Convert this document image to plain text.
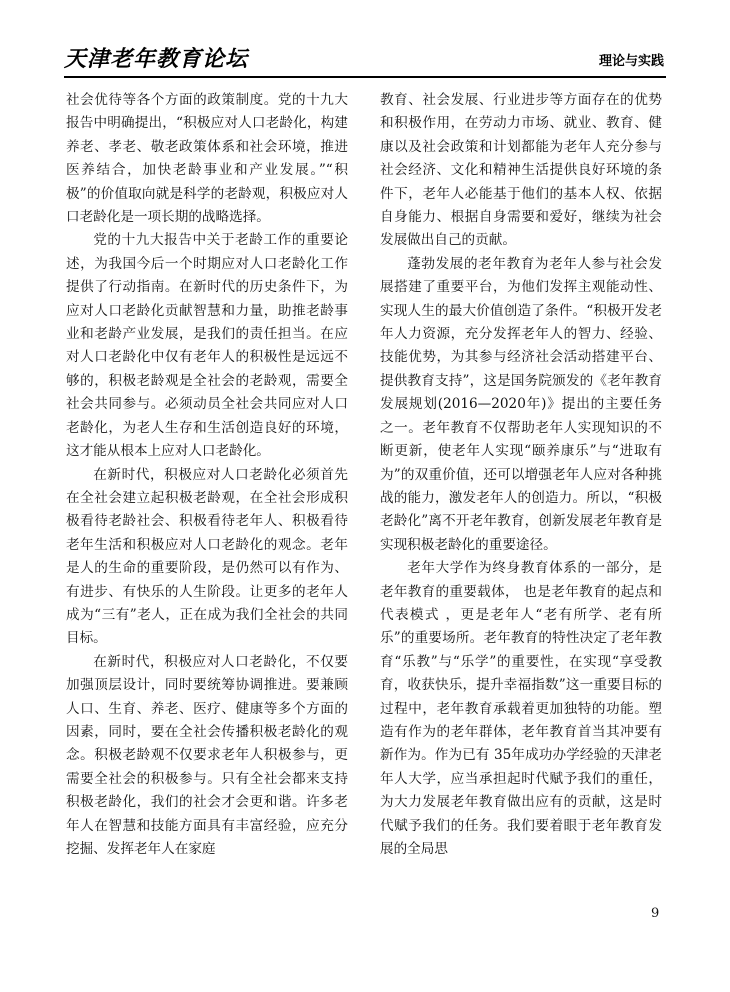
天津老年教育论坛	理论与实践

社会优待等各个方面的政策制度。党的十九大报告中明确提出，“积极应对人口老龄化，构建养老、孝老、敬老政策体系和社会环境，推进医养结合，加快老龄事业和产业发展。”“积极”的价值取向就是科学的老龄观，积极应对人口老龄化是一项长期的战略选择。

党的十九大报告中关于老龄工作的重要论述，为我国今后一个时期应对人口老龄化工作提供了行动指南。在新时代的历史条件下，为应对人口老龄化贡献智慧和力量，助推老龄事业和老龄产业发展，是我们的责任担当。在应对人口老龄化中仅有老年人的积极性是远远不够的，积极老龄观是全社会的老龄观，需要全社会共同参与。必须动员全社会共同应对人口老龄化，为老人生存和生活创造良好的环境，这才能从根本上应对人口老龄化。

在新时代，积极应对人口老龄化必须首先在全社会建立起积极老龄观，在全社会形成积极看待老龄社会、积极看待老年人、积极看待老年生活和积极应对人口老龄化的观念。老年是人的生命的重要阶段，是仍然可以有作为、有进步、有快乐的人生阶段。让更多的老年人成为“三有”老人，正在成为我们全社会的共同目标。

在新时代，积极应对人口老龄化，不仅要加强顶层设计，同时要统筹协调推进。要兼顾人口、生育、养老、医疗、健康等多个方面的因素，同时，要在全社会传播积极老龄化的观念。积极老龄观不仅要求老年人积极参与，更需要全社会的积极参与。只有全社会都来支持积极老龄化，我们的社会才会更和谐。许多老年人在智慧和技能方面具有丰富经验，应充分挖掘、发挥老年人在家庭

教育、社会发展、行业进步等方面存在的优势和积极作用，在劳动力市场、就业、教育、健康以及社会政策和计划都能为老年人充分参与社会经济、文化和精神生活提供良好环境的条件下，老年人必能基于他们的基本人权、依据自身能力、根据自身需要和爱好，继续为社会发展做出自己的贡献。

蓬勃发展的老年教育为老年人参与社会发展搭建了重要平台，为他们发挥主观能动性、实现人生的最大价值创造了条件。“积极开发老年人力资源，充分发挥老年人的智力、经验、技能优势，为其参与经济社会活动搭建平台、提供教育支持”，这是国务院颁发的《老年教育发展规划(2016—2020年)》提出的主要任务之一。老年教育不仅帮助老年人实现知识的不断更新，使老年人实现“颐养康乐”与“进取有为”的双重价值，还可以增强老年人应对各种挑战的能力，激发老年人的创造力。所以，“积极老龄化”离不开老年教育，创新发展老年教育是实现积极老龄化的重要途径。

老年大学作为终身教育体系的一部分，是老年教育的重要载体， 也是老年教育的起点和代表模式 ，更是老年人“老有所学、老有所乐”的重要场所。老年教育的特性决定了老年教育“乐教”与“乐学”的重要性，在实现“享受教育，收获快乐，提升幸福指数”这一重要目标的过程中，老年教育承载着更加独特的功能。塑造有作为的老年群体，老年教育首当其冲要有新作为。作为已有 35年成功办学经验的天津老年人大学，应当承担起时代赋予我们的重任，为大力发展老年教育做出应有的贡献，这是时代赋予我们的任务。我们要着眼于老年教育发展的全局思

9
